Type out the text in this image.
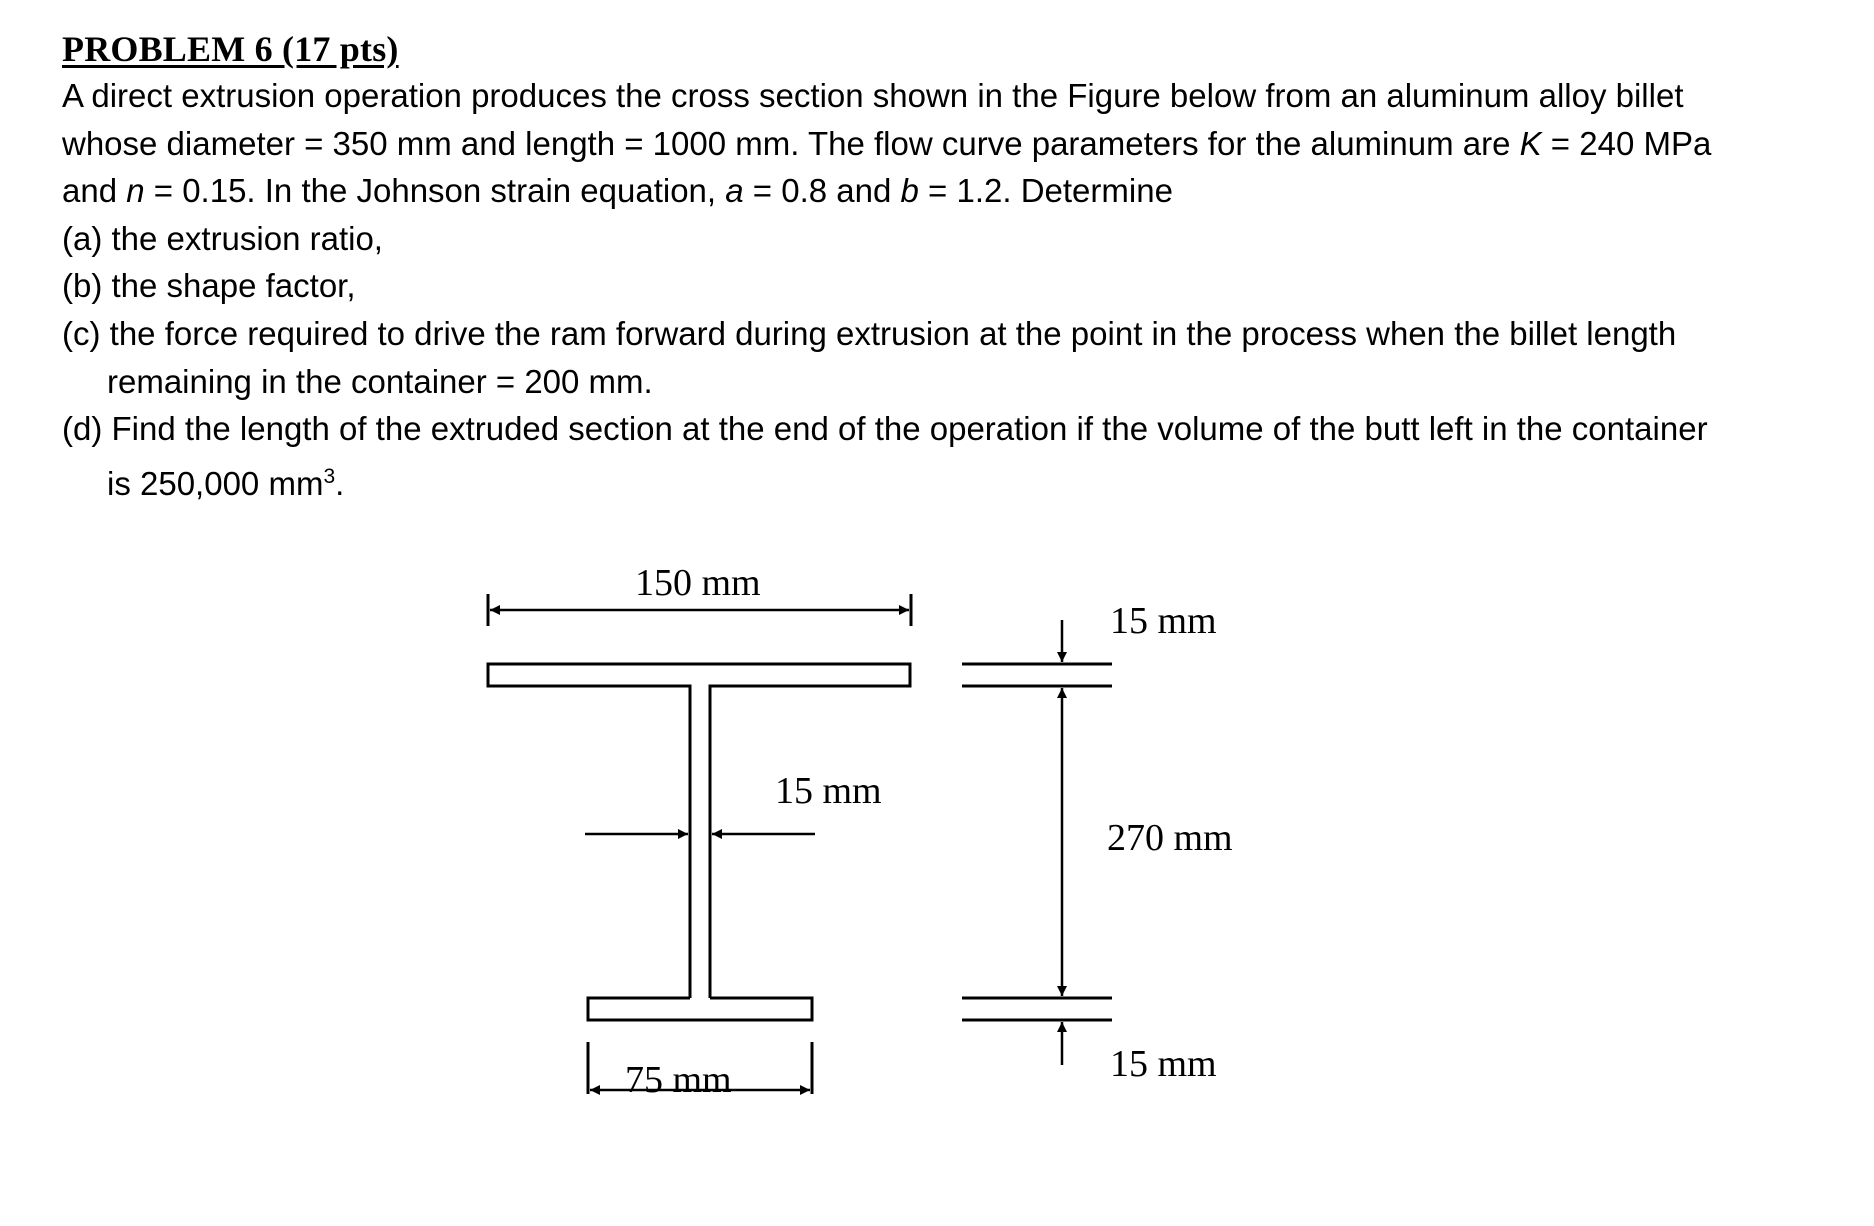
PROBLEM 6 (17 pts)
A direct extrusion operation produces the cross section shown in the Figure below from an aluminum alloy billet
whose diameter = 350 mm and length = 1000 mm. The flow curve parameters for the aluminum are K = 240 MPa
and n = 0.15. In the Johnson strain equation, a = 0.8 and b = 1.2. Determine
(a) the extrusion ratio,
(b) the shape factor,
(c) the force required to drive the ram forward during extrusion at the point in the process when the billet length
remaining in the container = 200 mm.
(d) Find the length of the extruded section at the end of the operation if the volume of the butt left in the container
is 250,000 $mm^3$.
150 mm
15 mm
75 mm
15 mm
270 mm
15 mm
